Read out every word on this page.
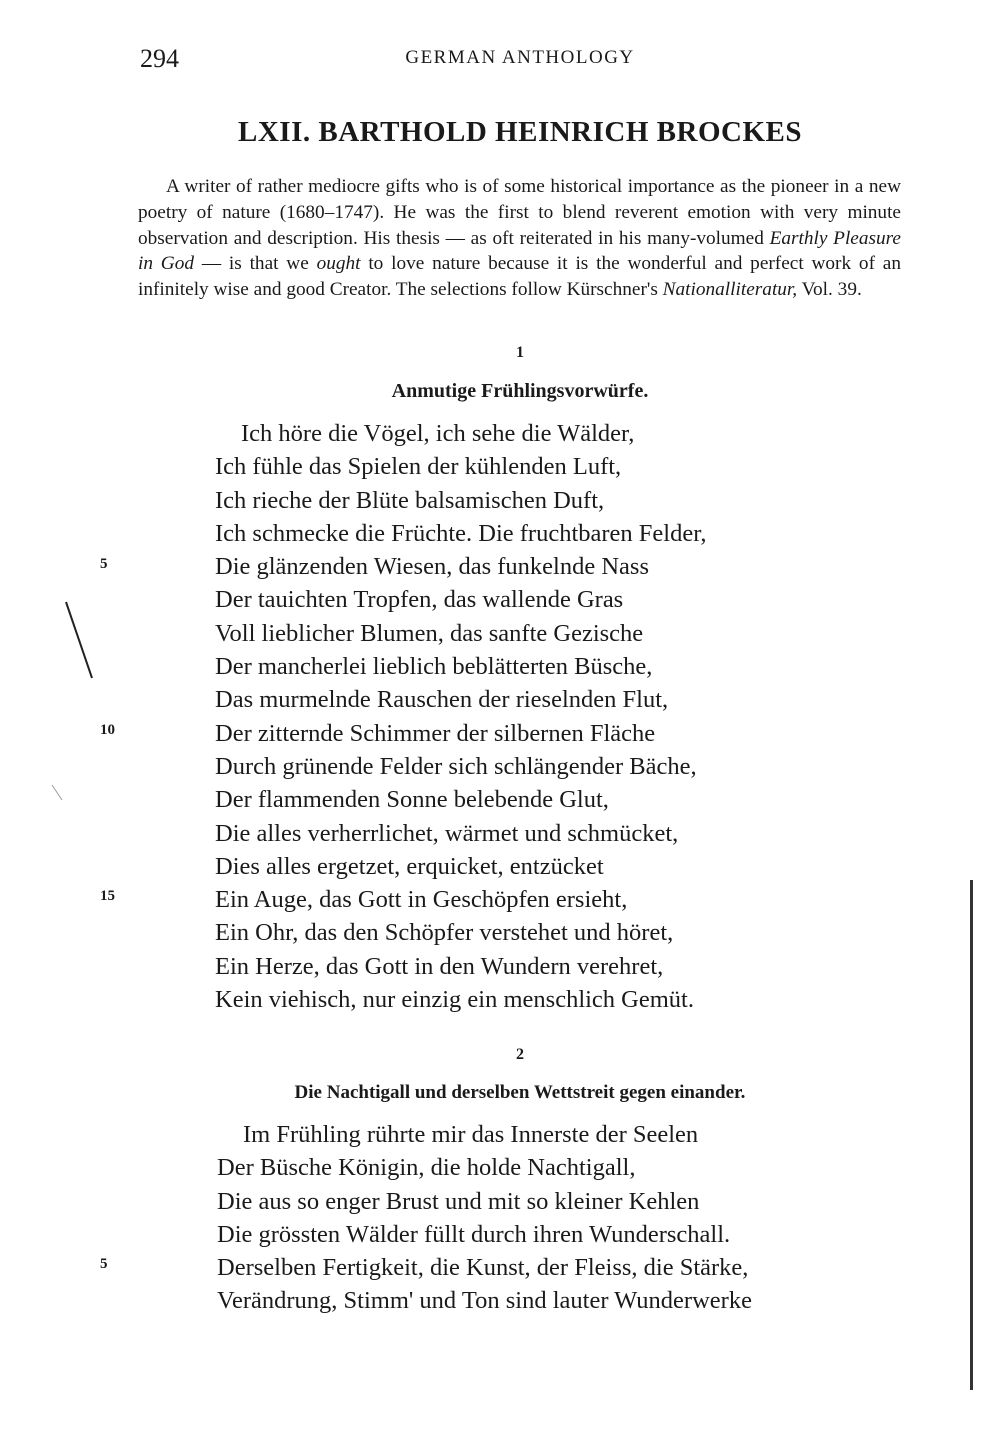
294	GERMAN ANTHOLOGY
LXII. BARTHOLD HEINRICH BROCKES

A writer of rather mediocre gifts who is of some historical importance as the pioneer in a new poetry of nature (1680–1747). He was the first to blend reverent emotion with very minute observation and description. His thesis — as oft reiterated in his many-volumed Earthly Pleasure in God — is that we ought to love nature because it is the wonderful and perfect work of an infinitely wise and good Creator. The selections follow Kürschner's Nationalliteratur, Vol. 39.

1
Anmutige Frühlingsvorwürfe.
Ich höre die Vögel, ich sehe die Wälder,
Ich fühle das Spielen der kühlenden Luft,
Ich rieche der Blüte balsamischen Duft,
Ich schmecke die Früchte. Die fruchtbaren Felder,
Die glänzenden Wiesen, das funkelnde Nass
Der tauichten Tropfen, das wallende Gras
Voll lieblicher Blumen, das sanfte Gezische
Der mancherlei lieblich beblätterten Büsche,
Das murmelnde Rauschen der rieselnden Flut,
Der zitternde Schimmer der silbernen Fläche
Durch grünende Felder sich schlängender Bäche,
Der flammenden Sonne belebende Glut,
Die alles verherrlichet, wärmet und schmücket,
Dies alles ergetzet, erquicket, entzücket
Ein Auge, das Gott in Geschöpfen ersieht,
Ein Ohr, das den Schöpfer verstehet und höret,
Ein Herze, das Gott in den Wundern verehret,
Kein viehisch, nur einzig ein menschlich Gemüt.
5
10
15
2
Die Nachtigall und derselben Wettstreit gegen einander.
Im Frühling rührte mir das Innerste der Seelen
Der Büsche Königin, die holde Nachtigall,
Die aus so enger Brust und mit so kleiner Kehlen
Die grössten Wälder füllt durch ihren Wunderschall.
Derselben Fertigkeit, die Kunst, der Fleiss, die Stärke,
Verändrung, Stimm' und Ton sind lauter Wunderwerke
5
